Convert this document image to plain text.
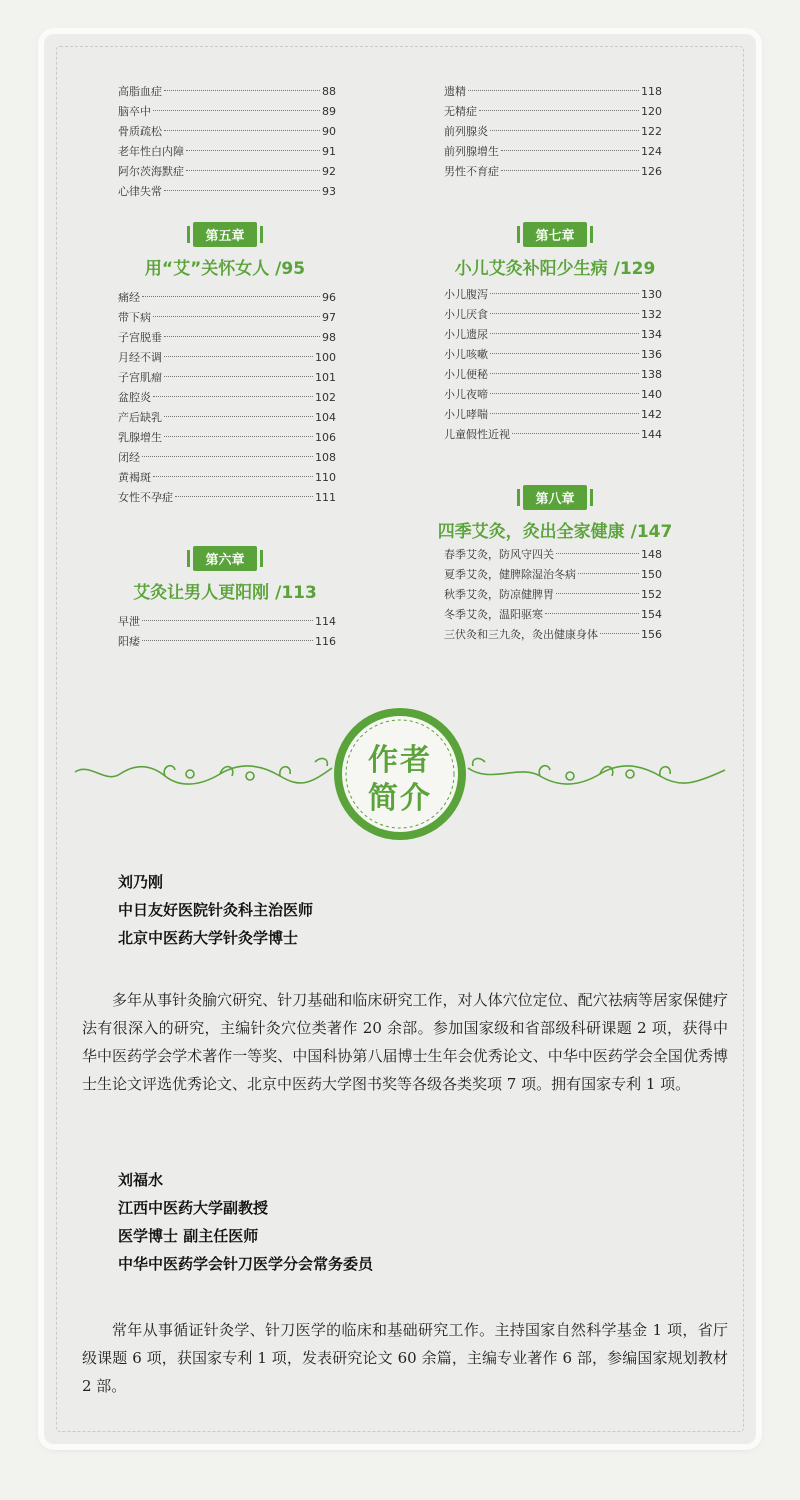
高脂血症	88
脑卒中	89
骨质疏松	90
老年性白内障	91
阿尔茨海默症	92
心律失常	93
遗精	118
无精症	120
前列腺炎	122
前列腺增生	124
男性不育症	126
第五章
用“艾”关怀女人 /95
痛经	96
带下病	97
子宫脱垂	98
月经不调	100
子宫肌瘤	101
盆腔炎	102
产后缺乳	104
乳腺增生	106
闭经	108
黄褐斑	110
女性不孕症	111
第六章
艾灸让男人更阳刚 /113
早泄	114
阳痿	116
第七章
小儿艾灸补阳少生病 /129
小儿腹泻	130
小儿厌食	132
小儿遗尿	134
小儿咳嗽	136
小儿便秘	138
小儿夜啼	140
小儿哮喘	142
儿童假性近视	144
第八章
四季艾灸，灸出全家健康 /147
春季艾灸，防风守四关	148
夏季艾灸，健脾除湿治冬病	150
秋季艾灸，防凉健脾胃	152
冬季艾灸，温阳驱寒	154
三伏灸和三九灸，灸出健康身体	156
作者
简介
刘乃刚
中日友好医院针灸科主治医师
北京中医药大学针灸学博士
多年从事针灸腧穴研究、针刀基础和临床研究工作，对人体穴位定位、配穴祛病等居家保健疗法有很深入的研究，主编针灸穴位类著作 20 余部。参加国家级和省部级科研课题 2 项，获得中华中医药学会学术著作一等奖、中国科协第八届博士生年会优秀论文、中华中医药学会全国优秀博士生论文评选优秀论文、北京中医药大学图书奖等各级各类奖项 7 项。拥有国家专利 1 项。
刘福水
江西中医药大学副教授
医学博士 副主任医师
中华中医药学会针刀医学分会常务委员
常年从事循证针灸学、针刀医学的临床和基础研究工作。主持国家自然科学基金 1 项，省厅级课题 6 项，获国家专利 1 项，发表研究论文 60 余篇，主编专业著作 6 部，参编国家规划教材 2 部。
